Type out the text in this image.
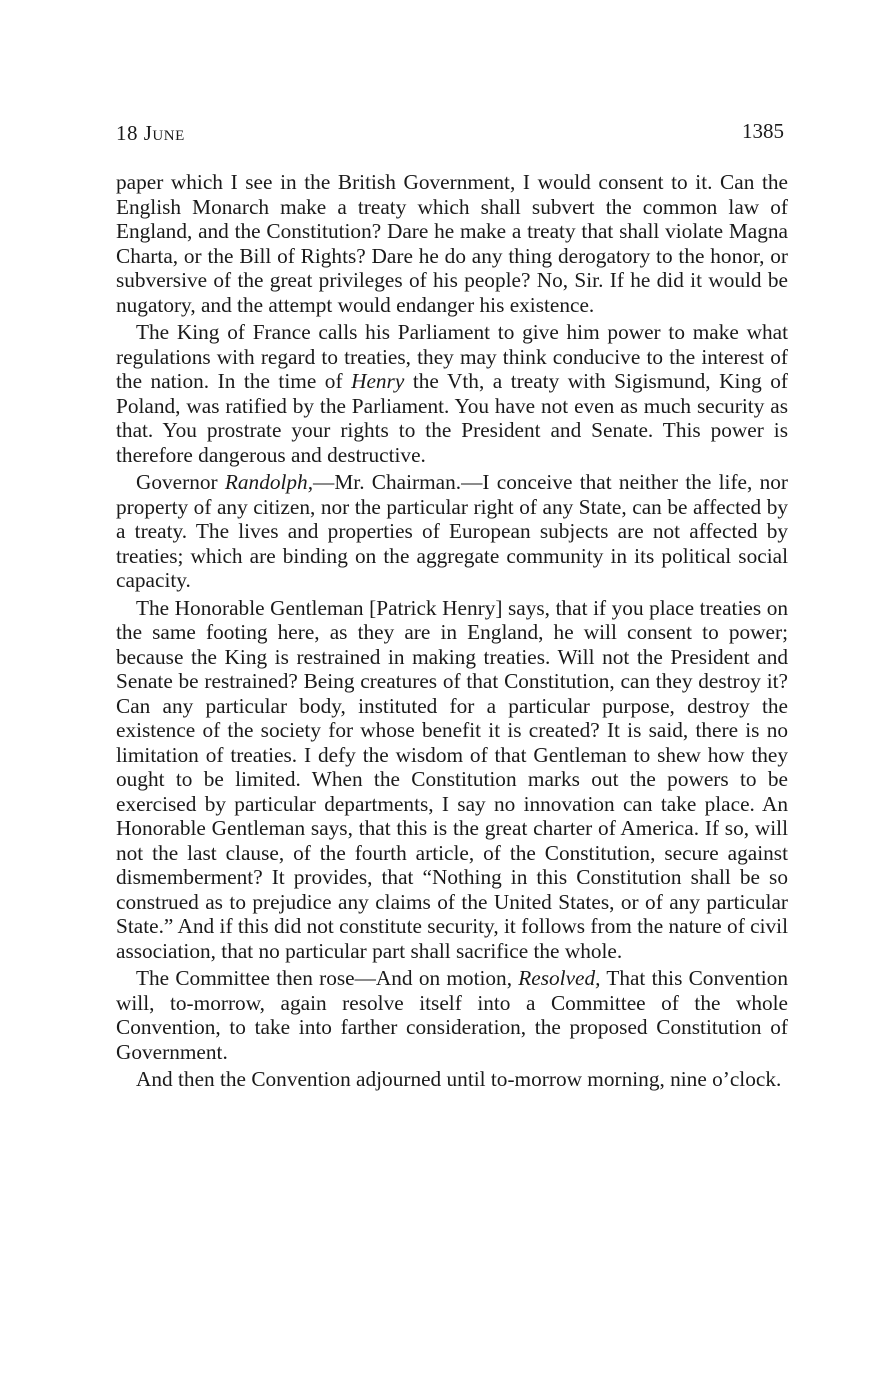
18 June	1385

paper which I see in the British Government, I would consent to it. Can the English Monarch make a treaty which shall subvert the common law of England, and the Constitution? Dare he make a treaty that shall violate Magna Charta, or the Bill of Rights? Dare he do any thing derogatory to the honor, or subversive of the great privileges of his people? No, Sir. If he did it would be nugatory, and the attempt would endanger his existence.

The King of France calls his Parliament to give him power to make what regulations with regard to treaties, they may think conducive to the interest of the nation. In the time of Henry the Vth, a treaty with Sigismund, King of Poland, was ratified by the Parliament. You have not even as much security as that. You prostrate your rights to the President and Senate. This power is therefore dangerous and destructive.

Governor Randolph,—Mr. Chairman.—I conceive that neither the life, nor property of any citizen, nor the particular right of any State, can be affected by a treaty. The lives and properties of European subjects are not affected by treaties; which are binding on the aggregate community in its political social capacity.

The Honorable Gentleman [Patrick Henry] says, that if you place treaties on the same footing here, as they are in England, he will consent to power; because the King is restrained in making treaties. Will not the President and Senate be restrained? Being creatures of that Constitution, can they destroy it? Can any particular body, instituted for a particular purpose, destroy the existence of the society for whose benefit it is created? It is said, there is no limitation of treaties. I defy the wisdom of that Gentleman to shew how they ought to be limited. When the Constitution marks out the powers to be exercised by particular departments, I say no innovation can take place. An Honorable Gentleman says, that this is the great charter of America. If so, will not the last clause, of the fourth article, of the Constitution, secure against dismemberment? It provides, that “Nothing in this Constitution shall be so construed as to prejudice any claims of the United States, or of any particular State.” And if this did not constitute security, it follows from the nature of civil association, that no particular part shall sacrifice the whole.

The Committee then rose—And on motion, Resolved, That this Convention will, to-morrow, again resolve itself into a Committee of the whole Convention, to take into farther consideration, the proposed Constitution of Government.

And then the Convention adjourned until to-morrow morning, nine o’clock.
